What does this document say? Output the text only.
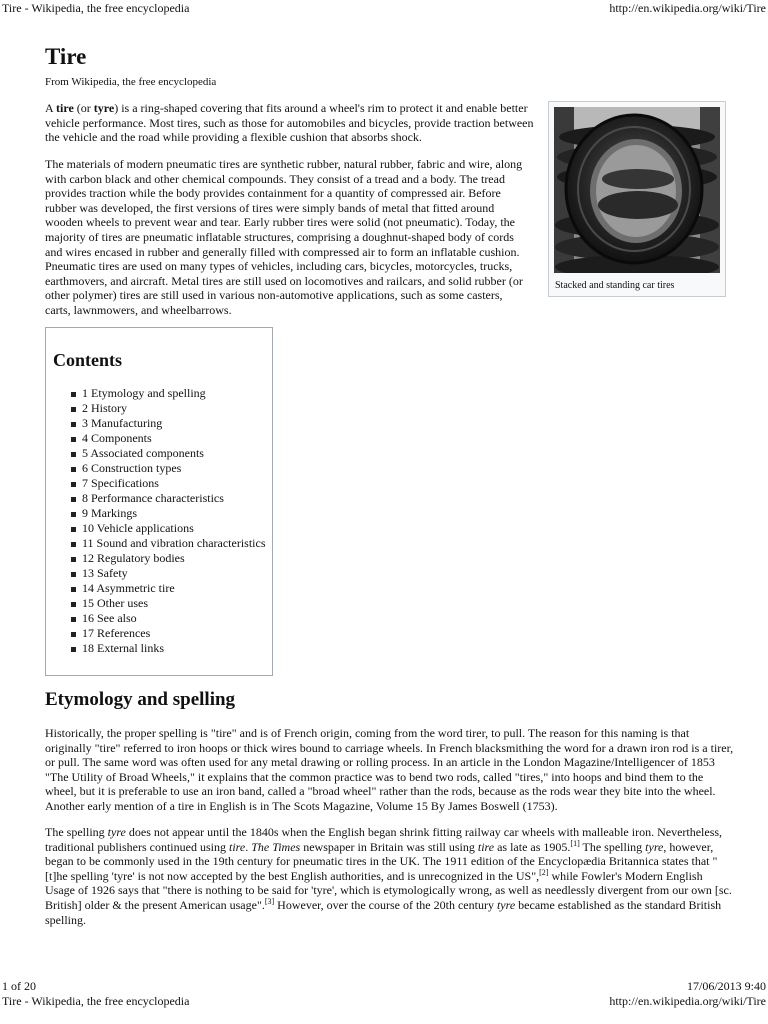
Tire - Wikipedia, the free encyclopedia	http://en.wikipedia.org/wiki/Tire
Tire
From Wikipedia, the free encyclopedia

A tire (or tyre) is a ring-shaped covering that fits around a wheel's rim to protect it and enable better vehicle performance. Most tires, such as those for automobiles and bicycles, provide traction between the vehicle and the road while providing a flexible cushion that absorbs shock.

The materials of modern pneumatic tires are synthetic rubber, natural rubber, fabric and wire, along with carbon black and other chemical compounds. They consist of a tread and a body. The tread provides traction while the body provides containment for a quantity of compressed air. Before rubber was developed, the first versions of tires were simply bands of metal that fitted around wooden wheels to prevent wear and tear. Early rubber tires were solid (not pneumatic). Today, the majority of tires are pneumatic inflatable structures, comprising a doughnut-shaped body of cords and wires encased in rubber and generally filled with compressed air to form an inflatable cushion. Pneumatic tires are used on many types of vehicles, including cars, bicycles, motorcycles, trucks, earthmovers, and aircraft. Metal tires are still used on locomotives and railcars, and solid rubber (or other polymer) tires are still used in various non-automotive applications, such as some casters, carts, lawnmowers, and wheelbarrows.

Stacked and standing car tires
Contents
1 Etymology and spelling
2 History
3 Manufacturing
4 Components
5 Associated components
6 Construction types
7 Specifications
8 Performance characteristics
9 Markings
10 Vehicle applications
11 Sound and vibration characteristics
12 Regulatory bodies
13 Safety
14 Asymmetric tire
15 Other uses
16 See also
17 References
18 External links
Etymology and spelling

Historically, the proper spelling is "tire" and is of French origin, coming from the word tirer, to pull. The reason for this naming is that originally "tire" referred to iron hoops or thick wires bound to carriage wheels. In French blacksmithing the word for a drawn iron rod is a tirer, or pull. The same word was often used for any metal drawing or rolling process. In an article in the London Magazine/Intelligencer of 1853 "The Utility of Broad Wheels," it explains that the common practice was to bend two rods, called "tires," into hoops and bind them to the wheel, but it is preferable to use an iron band, called a "broad wheel" rather than the rods, because as the rods wear they bite into the wheel. Another early mention of a tire in English is in The Scots Magazine, Volume 15 By James Boswell (1753).

The spelling tyre does not appear until the 1840s when the English began shrink fitting railway car wheels with malleable iron. Nevertheless, traditional publishers continued using tire. The Times newspaper in Britain was still using tire as late as 1905.[1] The spelling tyre, however, began to be commonly used in the 19th century for pneumatic tires in the UK. The 1911 edition of the Encyclopædia Britannica states that "[t]he spelling 'tyre' is not now accepted by the best English authorities, and is unrecognized in the US",[2] while Fowler's Modern English Usage of 1926 says that "there is nothing to be said for 'tyre', which is etymologically wrong, as well as needlessly divergent from our own [sc. British] older & the present American usage".[3] However, over the course of the 20th century tyre became established as the standard British spelling.

1 of 20	17/06/2013 9:40
Tire - Wikipedia, the free encyclopedia	http://en.wikipedia.org/wiki/Tire
